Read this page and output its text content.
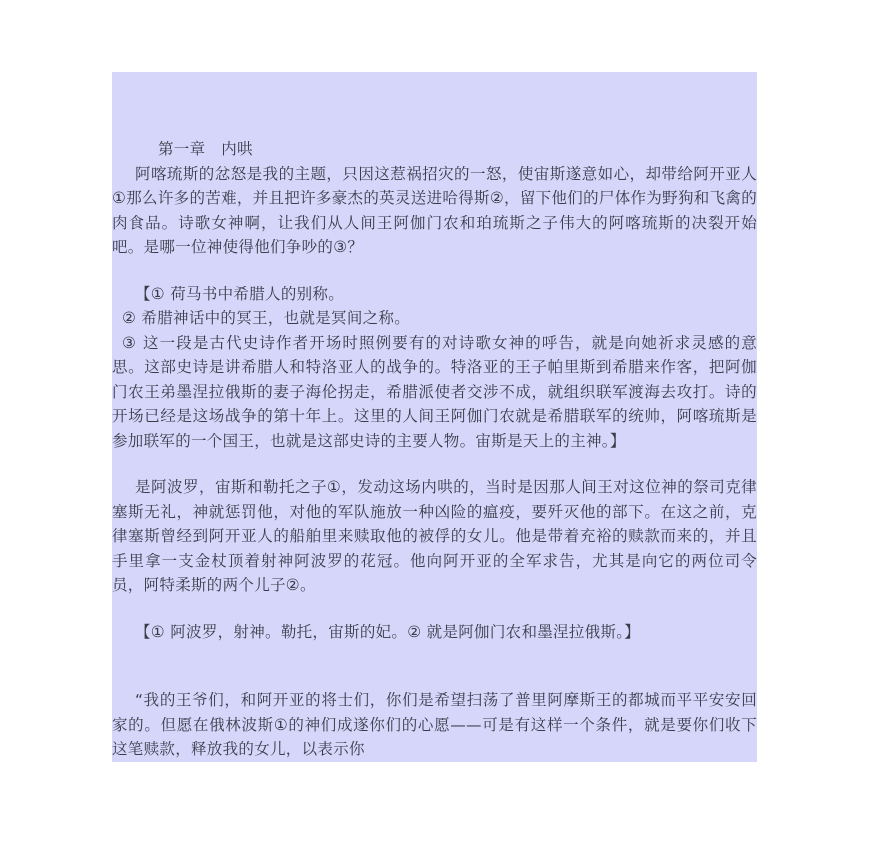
第一章　内哄

阿喀琉斯的忿怒是我的主题，只因这惹祸招灾的一怒，使宙斯遂意如心，却带给阿开亚人①那么许多的苦难，并且把许多豪杰的英灵送进哈得斯②，留下他们的尸体作为野狗和飞禽的肉食品。诗歌女神啊，让我们从人间王阿伽门农和珀琉斯之子伟大的阿喀琉斯的决裂开始吧。是哪一位神使得他们争吵的③？

【① 荷马书中希腊人的别称。

② 希腊神话中的冥王，也就是冥间之称。

③ 这一段是古代史诗作者开场时照例要有的对诗歌女神的呼告，就是向她祈求灵感的意思。这部史诗是讲希腊人和特洛亚人的战争的。特洛亚的王子帕里斯到希腊来作客，把阿伽门农王弟墨涅拉俄斯的妻子海伦拐走，希腊派使者交涉不成，就组织联军渡海去攻打。诗的开场已经是这场战争的第十年上。这里的人间王阿伽门农就是希腊联军的统帅，阿喀琉斯是参加联军的一个国王，也就是这部史诗的主要人物。宙斯是天上的主神。】

是阿波罗，宙斯和勒托之子①，发动这场内哄的，当时是因那人间王对这位神的祭司克律塞斯无礼，神就惩罚他，对他的军队施放一种凶险的瘟疫，要歼灭他的部下。在这之前，克律塞斯曾经到阿开亚人的船舶里来赎取他的被俘的女儿。他是带着充裕的赎款而来的，并且手里拿一支金杖顶着射神阿波罗的花冠。他向阿开亚的全军求告，尤其是向它的两位司令员，阿特柔斯的两个儿子②。

【① 阿波罗，射神。勒托，宙斯的妃。② 就是阿伽门农和墨涅拉俄斯。】

“我的王爷们，和阿开亚的将士们，你们是希望扫荡了普里阿摩斯王的都城而平平安安回家的。但愿在俄林波斯①的神们成遂你们的心愿——可是有这样一个条件，就是要你们收下这笔赎款，释放我的女儿，以表示你
